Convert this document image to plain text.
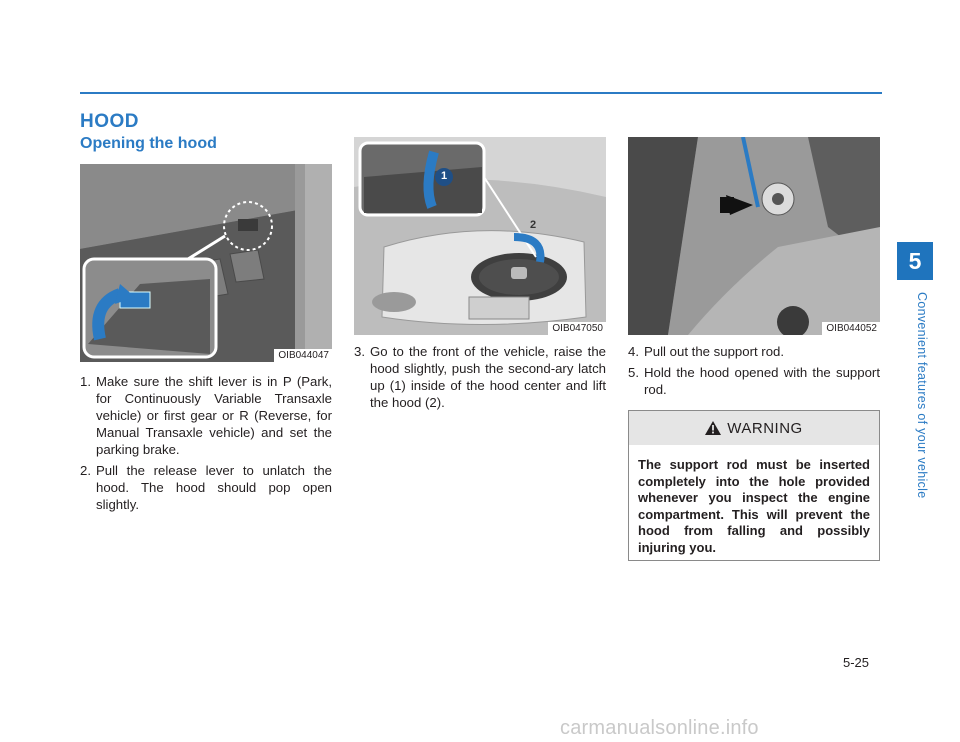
5
Convenient features of your vehicle
HOOD
Opening the hood
OIB044047
1
2
OIB047050	OIB044052
1. Make sure the shift lever is in P (Park, for Continuously Variable Transaxle vehicle) or first gear or R (Reverse, for Manual Transaxle vehicle) and set the parking brake.
2. Pull the release lever to unlatch the hood. The hood should pop open slightly.
3. Go to the front of the vehicle, raise the hood slightly, push the second-ary latch up (1) inside of the hood center and lift the hood (2).
4. Pull out the support rod.
5. Hold the hood opened with the support rod.
WARNING
The support rod must be inserted completely into the hole provided whenever you inspect the engine compartment. This will prevent the hood from falling and possibly injuring you.
5-25
carmanualsonline.info
